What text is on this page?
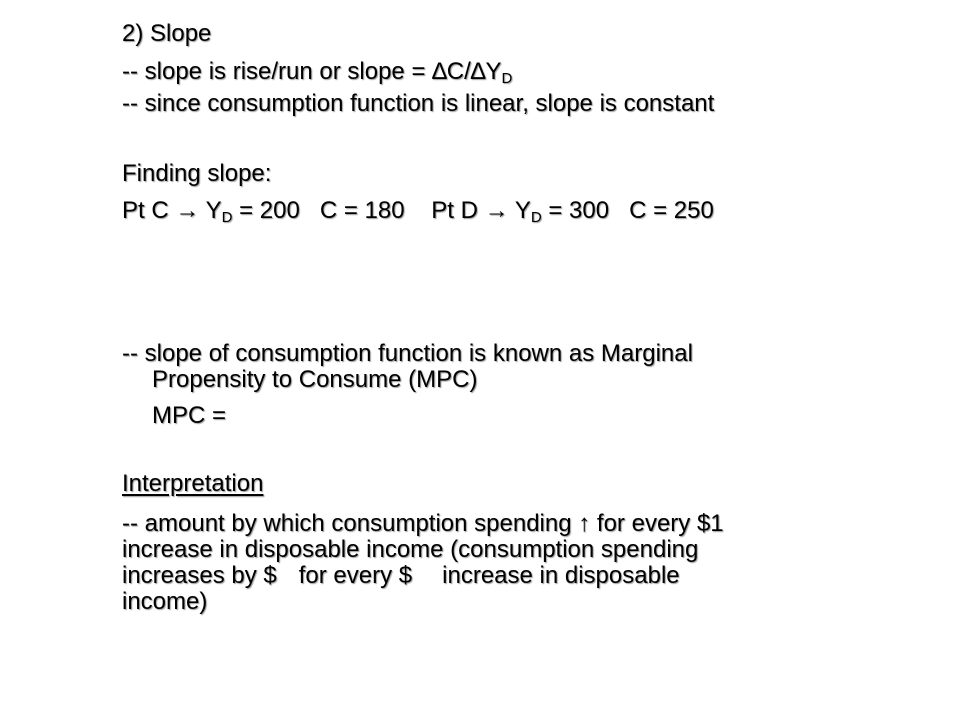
2) Slope
-- slope is rise/run or slope = $\Delta C/\Delta Y_D$
-- since consumption function is linear, slope is constant
Finding slope:
Pt $C \to Y_D = 200$   C = 180    Pt $D \to Y_D = 300$   C = 250
-- slope of consumption function is known as Marginal
Propensity to Consume (MPC)
MPC =
Interpretation
-- amount by which consumption spending ↑ for every $1
increase in disposable income (consumption spending
increases by $ for every $ increase in disposable
income)
